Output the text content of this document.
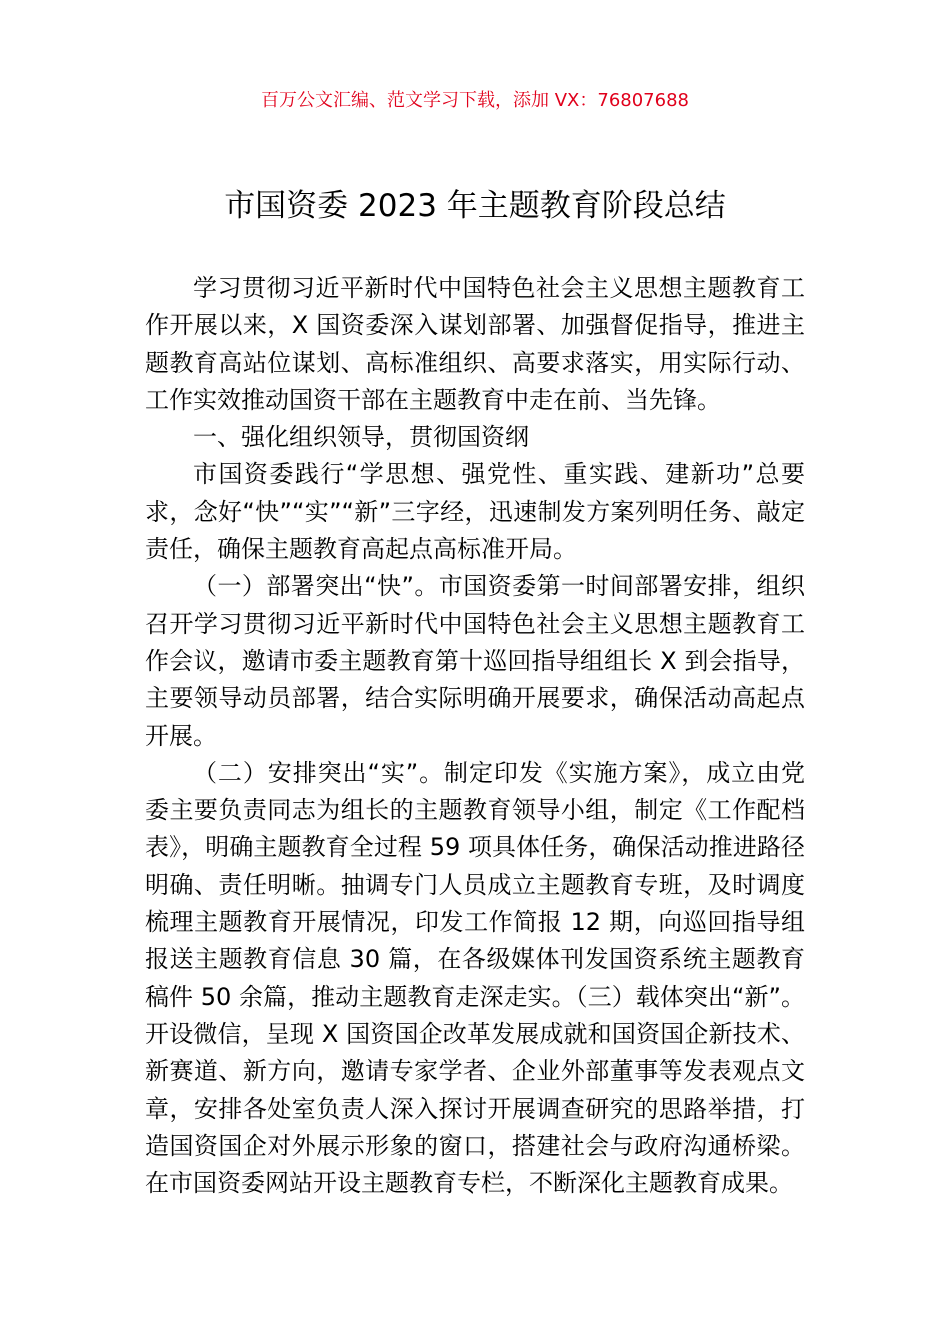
百万公文汇编、范文学习下载，添加 VX：76807688
市国资委 2023 年主题教育阶段总结

学习贯彻习近平新时代中国特色社会主义思想主题教育工作开展以来，X 国资委深入谋划部署、加强督促指导，推进主题教育高站位谋划、高标准组织、高要求落实，用实际行动、工作实效推动国资干部在主题教育中走在前、当先锋。

一、强化组织领导，贯彻国资纲

市国资委践行“学思想、强党性、重实践、建新功”总要求，念好“快”“实”“新”三字经，迅速制发方案列明任务、敲定责任，确保主题教育高起点高标准开局。

（一）部署突出“快”。市国资委第一时间部署安排，组织召开学习贯彻习近平新时代中国特色社会主义思想主题教育工作会议，邀请市委主题教育第十巡回指导组组长 X 到会指导，主要领导动员部署，结合实际明确开展要求，确保活动高起点开展。

（二）安排突出“实”。制定印发《实施方案》，成立由党委主要负责同志为组长的主题教育领导小组，制定《工作配档表》，明确主题教育全过程 59 项具体任务，确保活动推进路径明确、责任明晰。抽调专门人员成立主题教育专班，及时调度梳理主题教育开展情况，印发工作简报 12 期，向巡回指导组报送主题教育信息 30 篇，在各级媒体刊发国资系统主题教育稿件 50 余篇，推动主题教育走深走实。（三）载体突出“新”。开设微信，呈现 X 国资国企改革发展成就和国资国企新技术、新赛道、新方向，邀请专家学者、企业外部董事等发表观点文章，安排各处室负责人深入探讨开展调查研究的思路举措，打造国资国企对外展示形象的窗口，搭建社会与政府沟通桥梁。在市国资委网站开设主题教育专栏，不断深化主题教育成果。
